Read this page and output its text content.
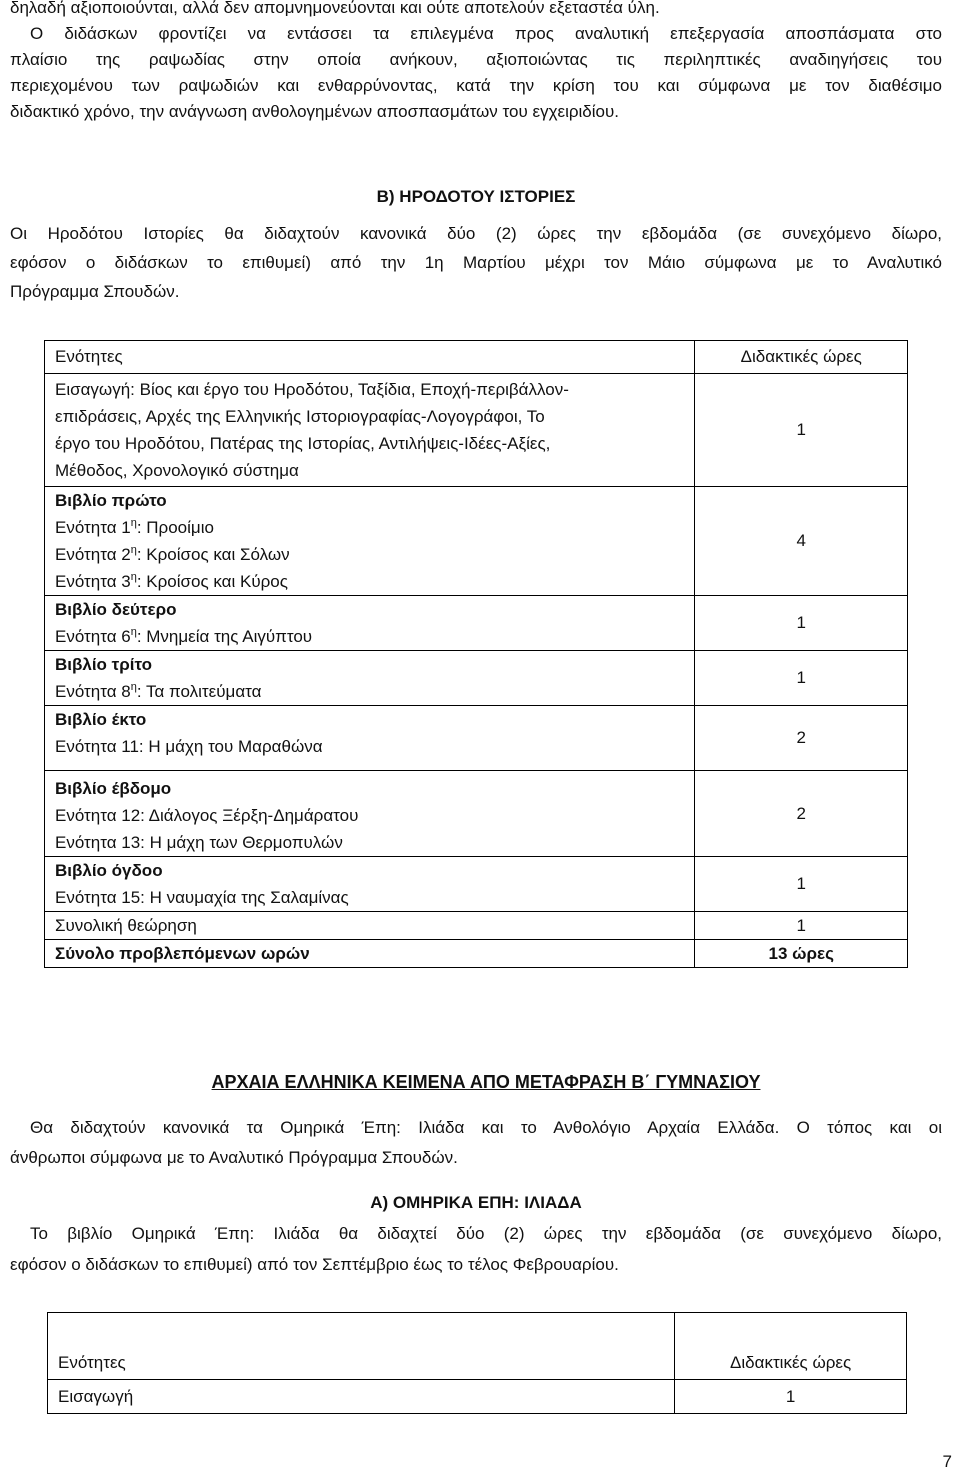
δηλαδή αξιοποιούνται, αλλά δεν απομνημονεύονται και ούτε αποτελούν εξεταστέα ύλη.
Ο διδάσκων φροντίζει να εντάσσει τα επιλεγμένα προς αναλυτική επεξεργασία αποσπάσματα στο
πλαίσιο της ραψωδίας στην οποία ανήκουν, αξιοποιώντας τις περιληπτικές αναδιηγήσεις του
περιεχομένου των ραψωδιών και ενθαρρύνοντας, κατά την κρίση του και σύμφωνα με τον διαθέσιμο
διδακτικό χρόνο, την ανάγνωση ανθολογημένων αποσπασμάτων του εγχειριδίου.
Β) ΗΡΟΔΟΤΟΥ ΙΣΤΟΡΙΕΣ
Οι Ηροδότου Ιστορίες θα διδαχτούν κανονικά δύο (2) ώρες την εβδομάδα (σε συνεχόμενο δίωρο,
εφόσον ο διδάσκων το επιθυμεί) από την 1η Μαρτίου μέχρι τον Μάιο σύμφωνα με το Αναλυτικό
Πρόγραμμα Σπουδών.
Ενότητες	Διδακτικές ώρες

Εισαγωγή: Βίος και έργο του Ηροδότου, Ταξίδια, Εποχή-περιβάλλον-
επιδράσεις, Αρχές της Ελληνικής Ιστοριογραφίας-Λογογράφοι, Το
έργο του Ηροδότου, Πατέρας της Ιστορίας, Αντιλήψεις-Ιδέες-Αξίες,
Μέθοδος, Χρονολογικό σύστημα	1

Βιβλίο πρώτο
Ενότητα $1^\eta$: Προοίμιο
Ενότητα $2^\eta$: Κροίσος και Σόλων
Ενότητα $3^\eta$: Κροίσος και Κύρος	4

Βιβλίο δεύτερο
Ενότητα $6^\eta$: Μνημεία της Αιγύπτου	1

Βιβλίο τρίτο
Ενότητα $8^\eta$: Τα πολιτεύματα	1

Βιβλίο έκτο
Ενότητα 11: Η μάχη του Μαραθώνα	2

Βιβλίο έβδομο
Ενότητα 12: Διάλογος Ξέρξη-Δημάρατου
Ενότητα 13: Η μάχη των Θερμοπυλών	2

Βιβλίο όγδοο
Ενότητα 15: Η ναυμαχία της Σαλαμίνας	1
Συνολική θεώρηση	1
Σύνολο προβλεπόμενων ωρών	13 ώρες
ΑΡΧΑΙΑ ΕΛΛΗΝΙΚΑ ΚΕΙΜΕΝΑ ΑΠΟ ΜΕΤΑΦΡΑΣΗ Β΄ ΓΥΜΝΑΣΙΟΥ
Θα διδαχτούν κανονικά τα Ομηρικά Έπη: Ιλιάδα και το Ανθολόγιο Αρχαία Ελλάδα. Ο τόπος και οι
άνθρωποι σύμφωνα με το Αναλυτικό Πρόγραμμα Σπουδών.
Α) ΟΜΗΡΙΚΑ ΕΠΗ: ΙΛΙΑΔΑ
Το βιβλίο Ομηρικά Έπη: Ιλιάδα θα διδαχτεί δύο (2) ώρες την εβδομάδα (σε συνεχόμενο δίωρο,
εφόσον ο διδάσκων το επιθυμεί) από τον Σεπτέμβριο έως το τέλος Φεβρουαρίου.
Ενότητες	Διδακτικές ώρες
Εισαγωγή	1
7
